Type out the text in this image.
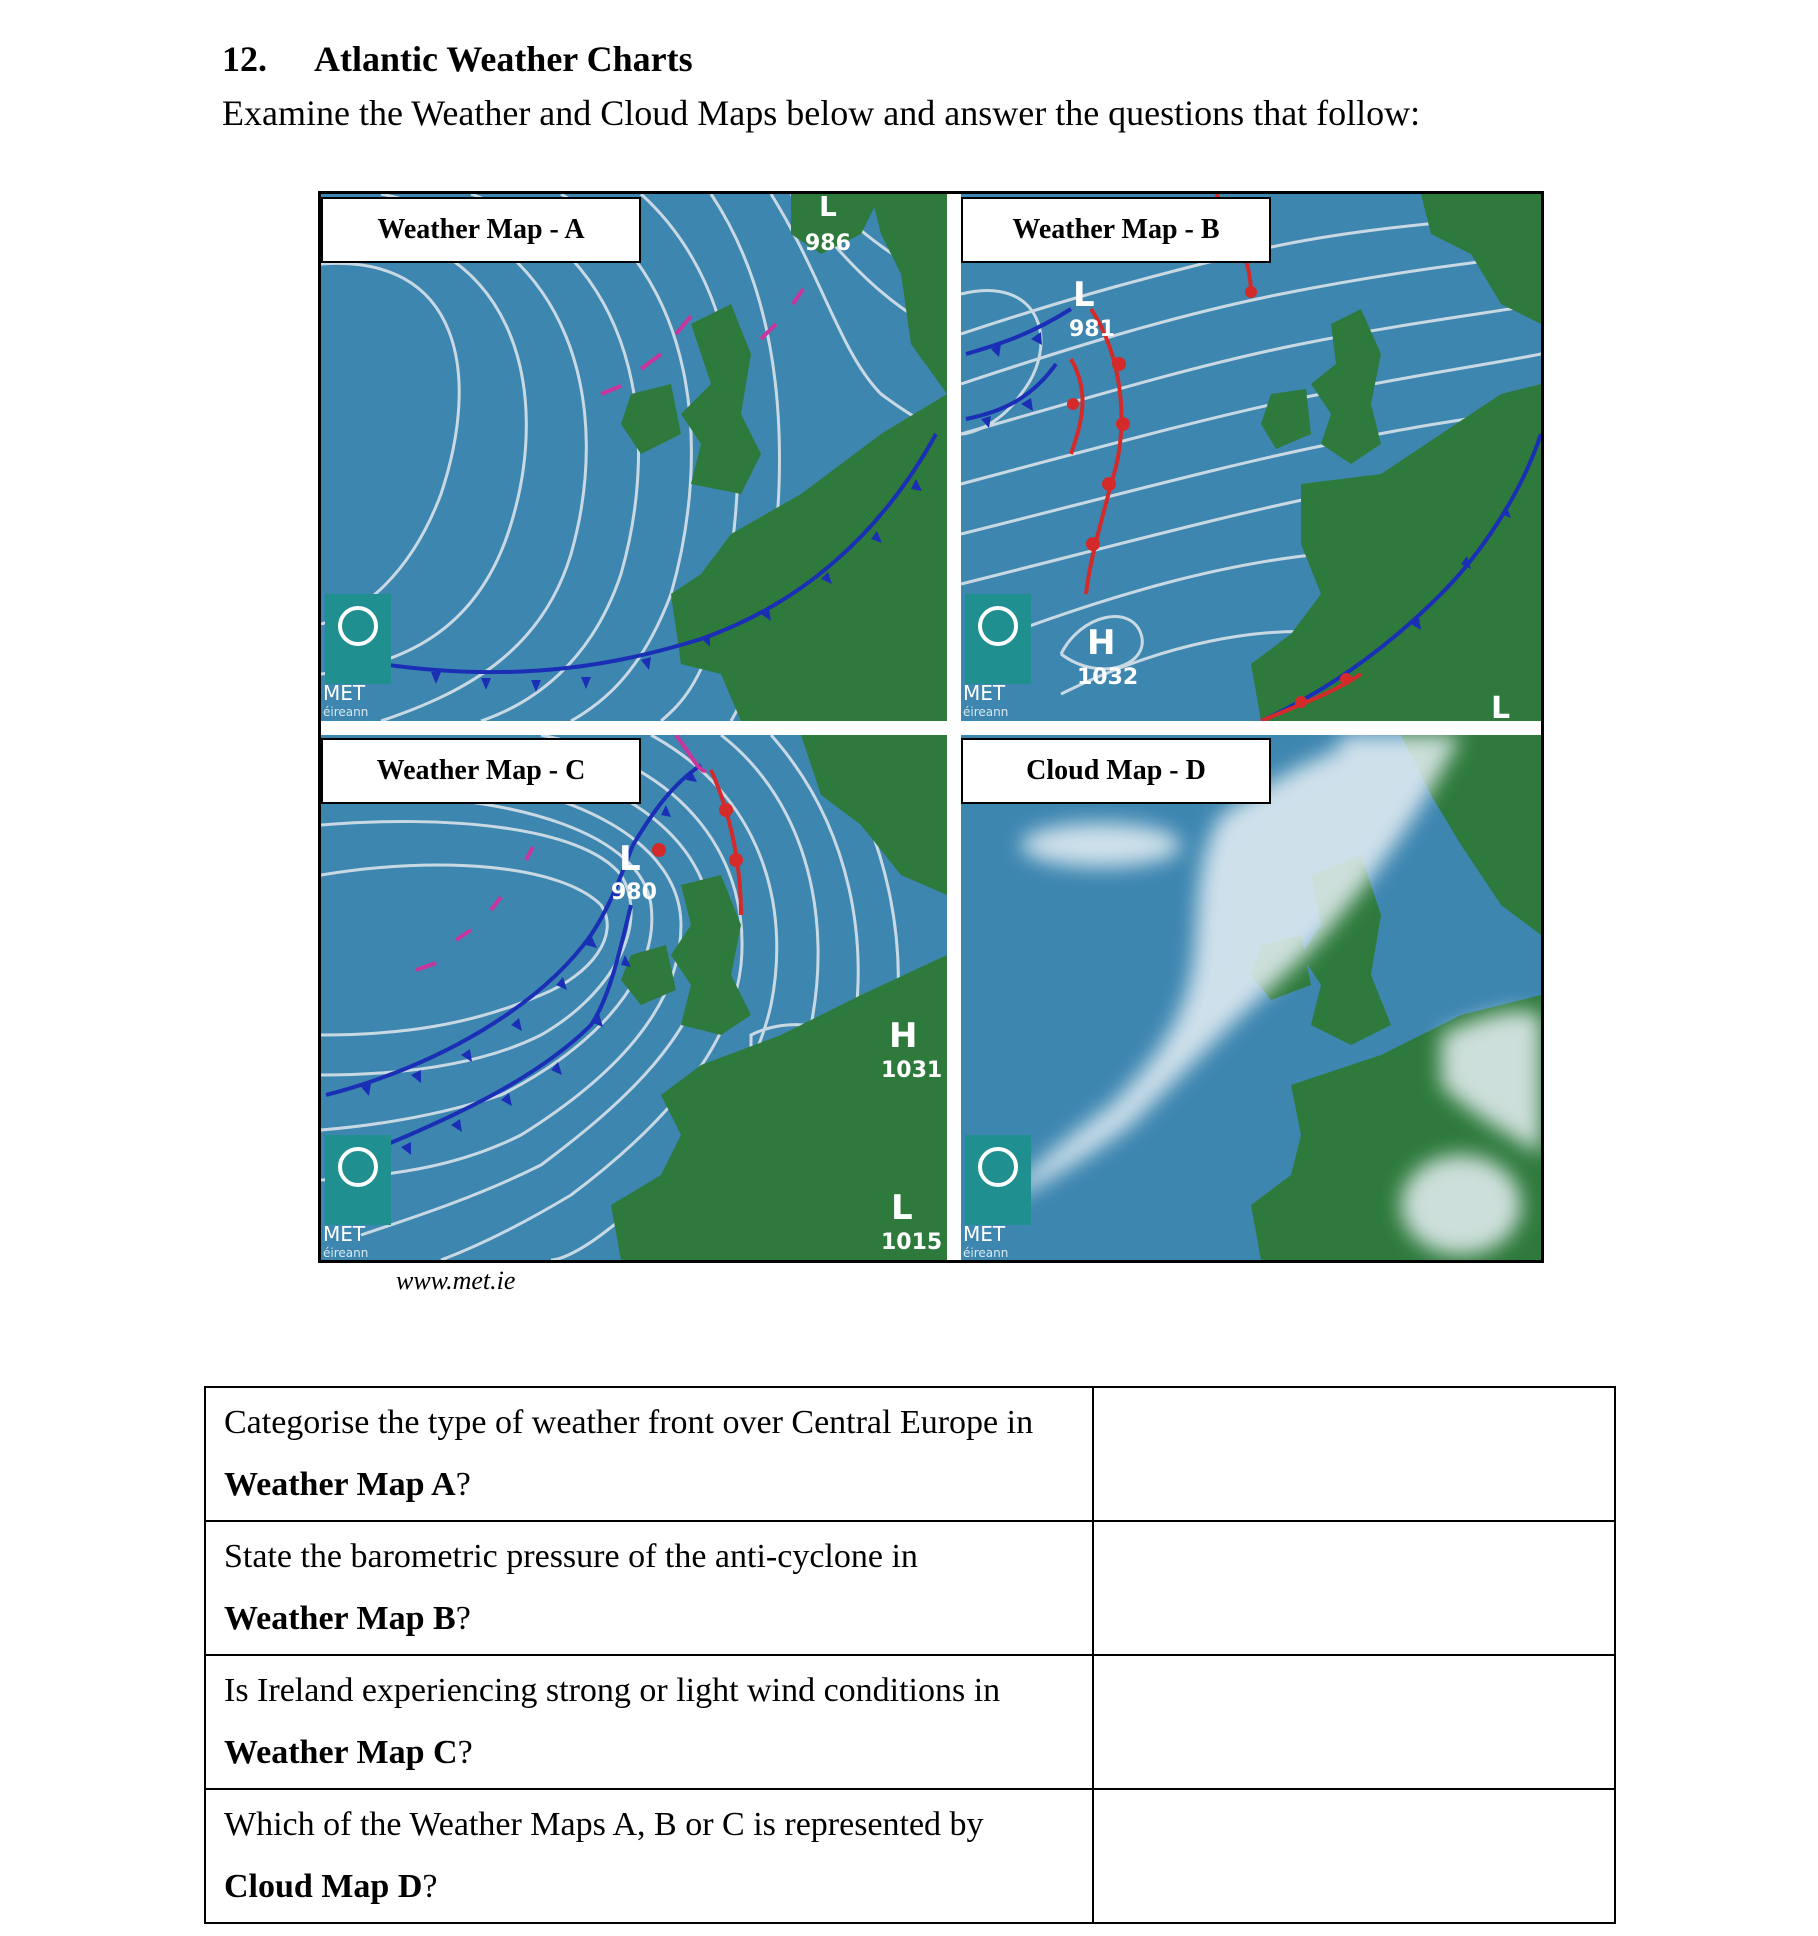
12. Atlantic Weather Charts
Examine the Weather and Cloud Maps below and answer the questions that follow:
L
986
MET
éireann
Weather Map - A
L
981
H
1032
L
MET
éireann
Weather Map - B
L
980
H
1031
L
1015
MET
éireann
Weather Map - C
MET
éireann
Cloud Map - D
www.met.ie
Categorise the type of weather front over Central Europe in Weather Map A?	
State the barometric pressure of the anti-cyclone in
Weather Map B?	
Is Ireland experiencing strong or light wind conditions in
Weather Map C?	
Which of the Weather Maps A, B or C is represented by
Cloud Map D?	
